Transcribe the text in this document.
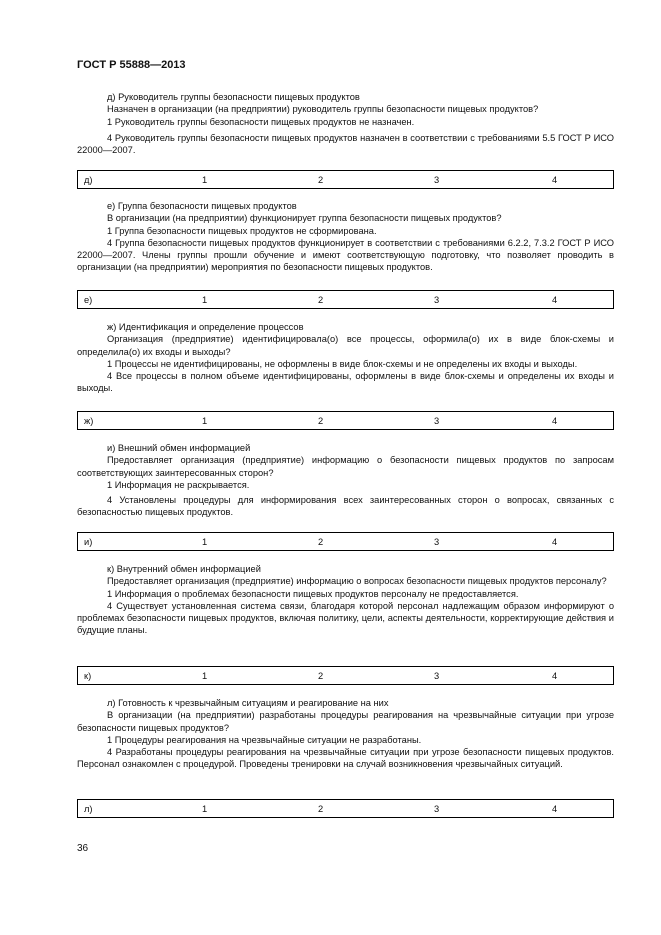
ГОСТ Р 55888—2013

д) Руководитель группы безопасности пищевых продуктов

Назначен в организации (на предприятии) руководитель группы безопасности пищевых продуктов?

1 Руководитель группы безопасности пищевых продуктов не назначен.

4 Руководитель группы безопасности пищевых продуктов назначен в соответствии с требованиями 5.5 ГОСТ Р ИСО 22000—2007.

д)	1	2	3	4

е) Группа безопасности пищевых продуктов

В организации (на предприятии) функционирует группа безопасности пищевых продуктов?

1 Группа безопасности пищевых продуктов не сформирована.

4 Группа безопасности пищевых продуктов функционирует в соответствии с требованиями 6.2.2, 7.3.2 ГОСТ Р ИСО 22000—2007. Члены группы прошли обучение и имеют соответствующую подготовку, что позволяет проводить в организации (на предприятии) мероприятия по безопасности пищевых продуктов.

е)	1	2	3	4

ж) Идентификация и определение процессов

Организация (предприятие) идентифицировала(о) все процессы, оформила(о) их в виде блок-схемы и определила(о) их входы и выходы?

1 Процессы не идентифицированы, не оформлены в виде блок-схемы и не определены их входы и выходы.

4 Все процессы в полном объеме идентифицированы, оформлены в виде блок-схемы и определены их входы и выходы.

ж)	1	2	3	4

и) Внешний обмен информацией

Предоставляет организация (предприятие) информацию о безопасности пищевых продуктов по запросам соответствующих заинтересованных сторон?

1 Информация не раскрывается.

4 Установлены процедуры для информирования всех заинтересованных сторон о вопросах, связанных с безопасностью пищевых продуктов.

и)	1	2	3	4

к) Внутренний обмен информацией

Предоставляет организация (предприятие) информацию о вопросах безопасности пищевых продуктов персоналу?

1 Информация о проблемах безопасности пищевых продуктов персоналу не предоставляется.

4 Существует установленная система связи, благодаря которой персонал надлежащим образом информируют о проблемах безопасности пищевых продуктов, включая политику, цели, аспекты деятельности, корректирующие действия и будущие планы.

к)	1	2	3	4

л) Готовность к чрезвычайным ситуациям и реагирование на них

В организации (на предприятии) разработаны процедуры реагирования на чрезвычайные ситуации при угрозе безопасности пищевых продуктов?

1 Процедуры реагирования на чрезвычайные ситуации не разработаны.

4 Разработаны процедуры реагирования на чрезвычайные ситуации при угрозе безопасности пищевых продуктов. Персонал ознакомлен с процедурой. Проведены тренировки на случай возникновения чрезвычайных ситуаций.

л)	1	2	3	4
36
